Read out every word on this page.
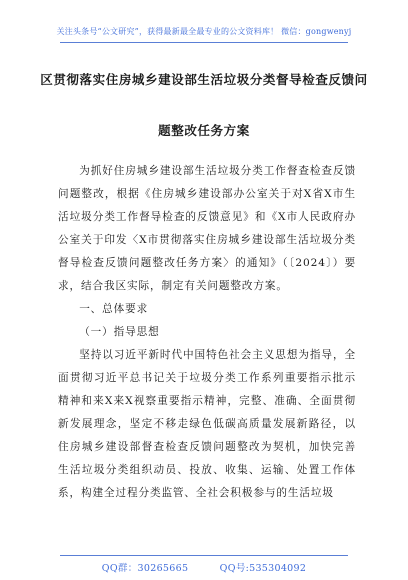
关注头条号“公文研究”，获得最新最全最专业的公文资料库！ 微信：gongwenyj
区贯彻落实住房城乡建设部生活垃圾分类督导检查反馈问
题整改任务方案

为抓好住房城乡建设部生活垃圾分类工作督查检查反馈问题整改，根据《住房城乡建设部办公室关于对X省X市生活垃圾分类工作督导检查的反馈意见》和《X市人民政府办公室关于印发〈X市贯彻落实住房城乡建设部生活垃圾分类督导检查反馈问题整改任务方案〉的通知》（〔2024〕）要求，结合我区实际，制定有关问题整改方案。

一、总体要求

（一）指导思想

坚持以习近平新时代中国特色社会主义思想为指导，全面贯彻习近平总书记关于垃圾分类工作系列重要指示批示精神和来X来X视察重要指示精神，完整、准确、全面贯彻新发展理念，坚定不移走绿色低碳高质量发展新路径，以住房城乡建设部督查检查反馈问题整改为契机，加快完善生活垃圾分类组织动员、投放、收集、运输、处置工作体系，构建全过程分类监管、全社会积极参与的生活垃圾

QQ群：30265665	QQ号:535304092
